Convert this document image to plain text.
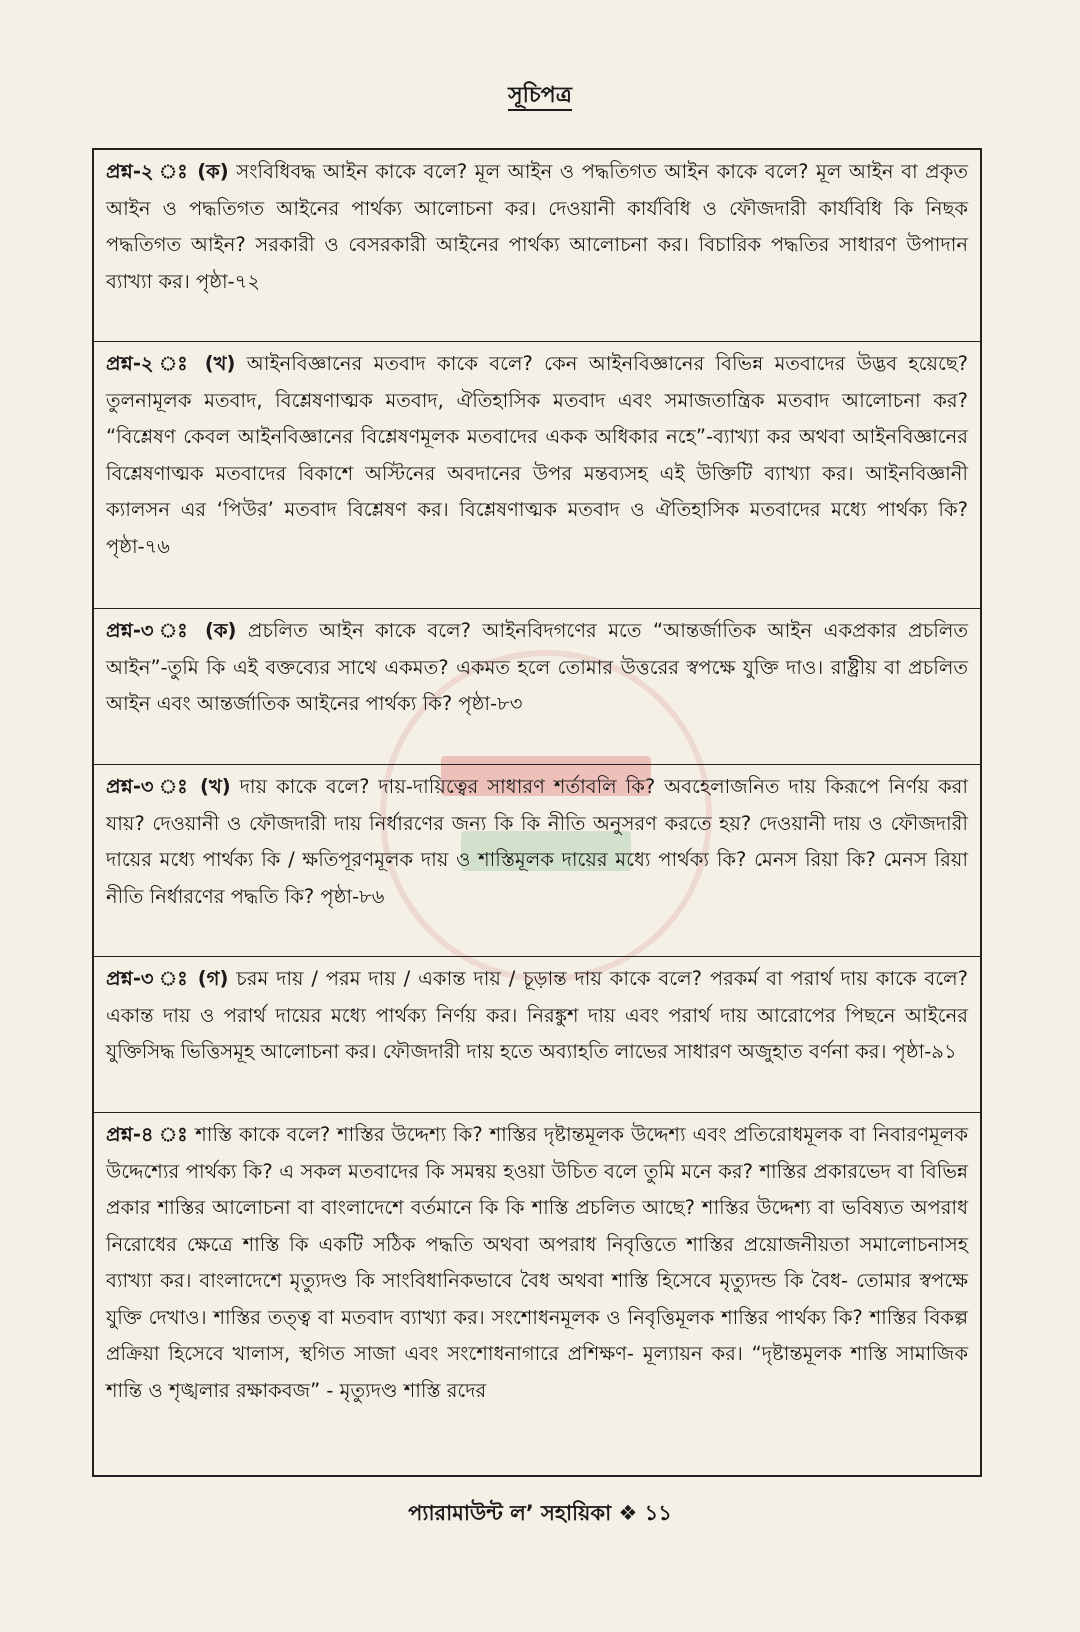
সূচিপত্র
প্রশ্ন-২ ঃ (ক) সংবিধিবদ্ধ আইন কাকে বলে? মূল আইন ও পদ্ধতিগত আইন কাকে বলে? মূল আইন বা প্রকৃত আইন ও পদ্ধতিগত আইনের পার্থক্য আলোচনা কর। দেওয়ানী কার্যবিধি ও ফৌজদারী কার্যবিধি কি নিছক পদ্ধতিগত আইন? সরকারী ও বেসরকারী আইনের পার্থক্য আলোচনা কর। বিচারিক পদ্ধতির সাধারণ উপাদান ব্যাখ্যা কর। পৃষ্ঠা-৭২
প্রশ্ন-২ ঃ (খ) আইনবিজ্ঞানের মতবাদ কাকে বলে? কেন আইনবিজ্ঞানের বিভিন্ন মতবাদের উদ্ভব হয়েছে? তুলনামূলক মতবাদ, বিশ্লেষণাত্মক মতবাদ, ঐতিহাসিক মতবাদ এবং সমাজতান্ত্রিক মতবাদ আলোচনা কর? “বিশ্লেষণ কেবল আইনবিজ্ঞানের বিশ্লেষণমূলক মতবাদের একক অধিকার নহে”-ব্যাখ্যা কর অথবা আইনবিজ্ঞানের বিশ্লেষণাত্মক মতবাদের বিকাশে অস্টিনের অবদানের উপর মন্তব্যসহ এই উক্তিটি ব্যাখ্যা কর। আইনবিজ্ঞানী ক্যালসন এর ‘পিউর’ মতবাদ বিশ্লেষণ কর। বিশ্লেষণাত্মক মতবাদ ও ঐতিহাসিক মতবাদের মধ্যে পার্থক্য কি? পৃষ্ঠা-৭৬
প্রশ্ন-৩ ঃ (ক) প্রচলিত আইন কাকে বলে? আইনবিদগণের মতে “আন্তর্জাতিক আইন একপ্রকার প্রচলিত আইন”-তুমি কি এই বক্তব্যের সাথে একমত? একমত হলে তোমার উত্তরের স্বপক্ষে যুক্তি দাও। রাষ্ট্রীয় বা প্রচলিত আইন এবং আন্তর্জাতিক আইনের পার্থক্য কি? পৃষ্ঠা-৮৩
প্রশ্ন-৩ ঃ (খ) দায় কাকে বলে? দায়-দায়িত্বের সাধারণ শর্তাবলি কি? অবহেলাজনিত দায় কিরূপে নির্ণয় করা যায়? দেওয়ানী ও ফৌজদারী দায় নির্ধারণের জন্য কি কি নীতি অনুসরণ করতে হয়? দেওয়ানী দায় ও ফৌজদারী দায়ের মধ্যে পার্থক্য কি / ক্ষতিপূরণমূলক দায় ও শাস্তিমূলক দায়ের মধ্যে পার্থক্য কি? মেনস রিয়া কি? মেনস রিয়া নীতি নির্ধারণের পদ্ধতি কি? পৃষ্ঠা-৮৬
প্রশ্ন-৩ ঃ (গ) চরম দায় / পরম দায় / একান্ত দায় / চূড়ান্ত দায় কাকে বলে? পরকর্ম বা পরার্থ দায় কাকে বলে? একান্ত দায় ও পরার্থ দায়ের মধ্যে পার্থক্য নির্ণয় কর। নিরঙ্কুশ দায় এবং পরার্থ দায় আরোপের পিছনে আইনের যুক্তিসিদ্ধ ভিত্তিসমূহ আলোচনা কর। ফৌজদারী দায় হতে অব্যাহতি লাভের সাধারণ অজুহাত বর্ণনা কর। পৃষ্ঠা-৯১
প্রশ্ন-৪ ঃ শাস্তি কাকে বলে? শাস্তির উদ্দেশ্য কি? শাস্তির দৃষ্টান্তমূলক উদ্দেশ্য এবং প্রতিরোধমূলক বা নিবারণমূলক উদ্দেশ্যের পার্থক্য কি? এ সকল মতবাদের কি সমন্বয় হওয়া উচিত বলে তুমি মনে কর? শাস্তির প্রকারভেদ বা বিভিন্ন প্রকার শাস্তির আলোচনা বা বাংলাদেশে বর্তমানে কি কি শাস্তি প্রচলিত আছে? শাস্তির উদ্দেশ্য বা ভবিষ্যত অপরাধ নিরোধের ক্ষেত্রে শাস্তি কি একটি সঠিক পদ্ধতি অথবা অপরাধ নিবৃত্তিতে শাস্তির প্রয়োজনীয়তা সমালোচনাসহ ব্যাখ্যা কর। বাংলাদেশে মৃত্যুদণ্ড কি সাংবিধানিকভাবে বৈধ অথবা শাস্তি হিসেবে মৃত্যুদন্ড কি বৈধ- তোমার স্বপক্ষে যুক্তি দেখাও। শাস্তির তত্ত্ব বা মতবাদ ব্যাখ্যা কর। সংশোধনমূলক ও নিবৃত্তিমূলক শাস্তির পার্থক্য কি? শাস্তির বিকল্প প্রক্রিয়া হিসেবে খালাস, স্থগিত সাজা এবং সংশোধনাগারে প্রশিক্ষণ- মূল্যায়ন কর। “দৃষ্টান্তমূলক শাস্তি সামাজিক শান্তি ও শৃঙ্খলার রক্ষাকবজ” - মৃত্যুদণ্ড শাস্তি রদের
প্যারামাউন্ট ল’ সহায়িকা ❖ ১১
